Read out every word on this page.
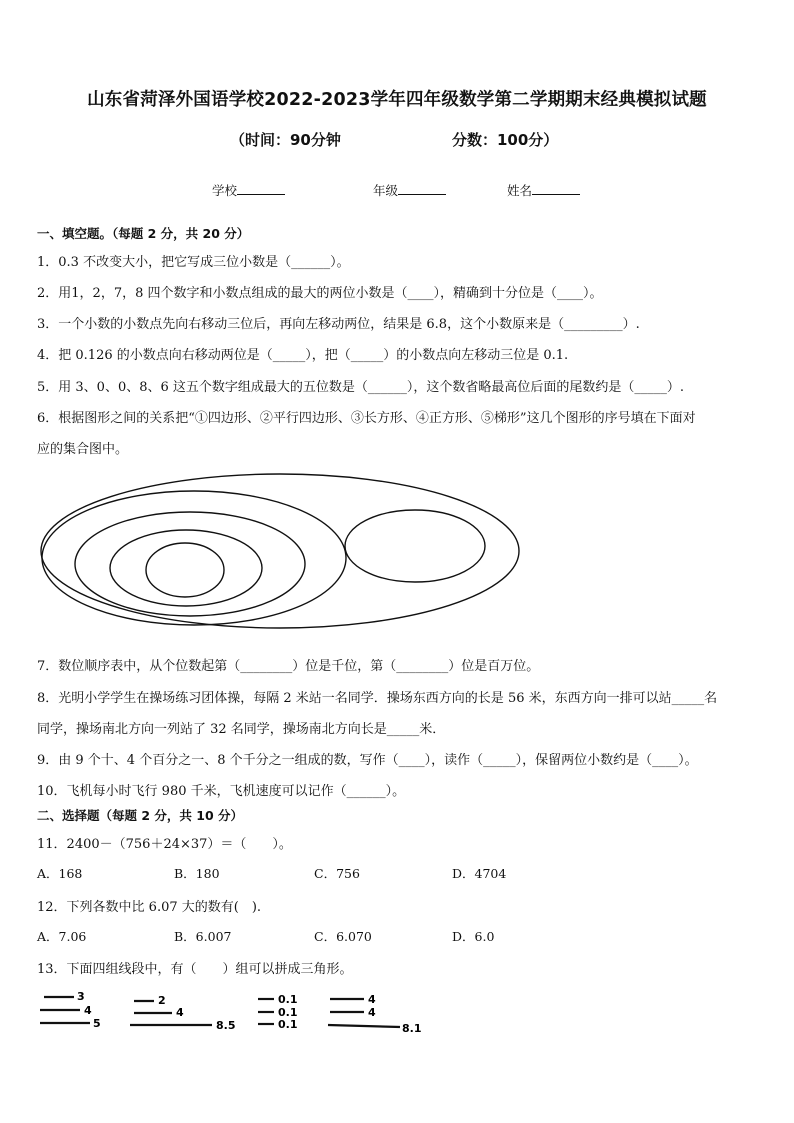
山东省菏泽外国语学校2022-2023学年四年级数学第二学期期末经典模拟试题
（时间：90分钟	分数：100分）
学校	年级	姓名
一、填空题。（每题 2 分，共 20 分）
1．0.3 不改变大小，把它写成三位小数是（______）。
2．用1，2，7，8 四个数字和小数点组成的最大的两位小数是（____），精确到十分位是（____）。
3．一个小数的小数点先向右移动三位后，再向左移动两位，结果是 6.8，这个小数原来是（_________）.
4．把 0.126 的小数点向右移动两位是（_____），把（_____）的小数点向左移动三位是 0.1.
5．用 3、0、0、8、6 这五个数字组成最大的五位数是（______），这个数省略最高位后面的尾数约是（_____）.
6．根据图形之间的关系把“①四边形、②平行四边形、③长方形、④正方形、⑤梯形”这几个图形的序号填在下面对
应的集合图中。
7．数位顺序表中，从个位数起第（________）位是千位，第（________）位是百万位。
8．光明小学学生在操场练习团体操，每隔 2 米站一名同学．操场东西方向的长是 56 米，东西方向一排可以站_____名
同学，操场南北方向一列站了 32 名同学，操场南北方向长是_____米．
9．由 9 个十、4 个百分之一、8 个千分之一组成的数，写作（____），读作（_____），保留两位小数约是（____）。
10．飞机每小时飞行 980 千米，飞机速度可以记作（______）。
二、选择题（每题 2 分，共 10 分）
11．2400－（756＋24×37）＝（　　）。
A．168	B．180	C．756	D．4704
12．下列各数中比 6.07 大的数有(　).
A．7.06	B．6.007	C．6.070	D．6.0
13．下面四组线段中，有（　　）组可以拼成三角形。
3
4
5
2
4
8.5
0.1
0.1
0.1
4
4
8.1
